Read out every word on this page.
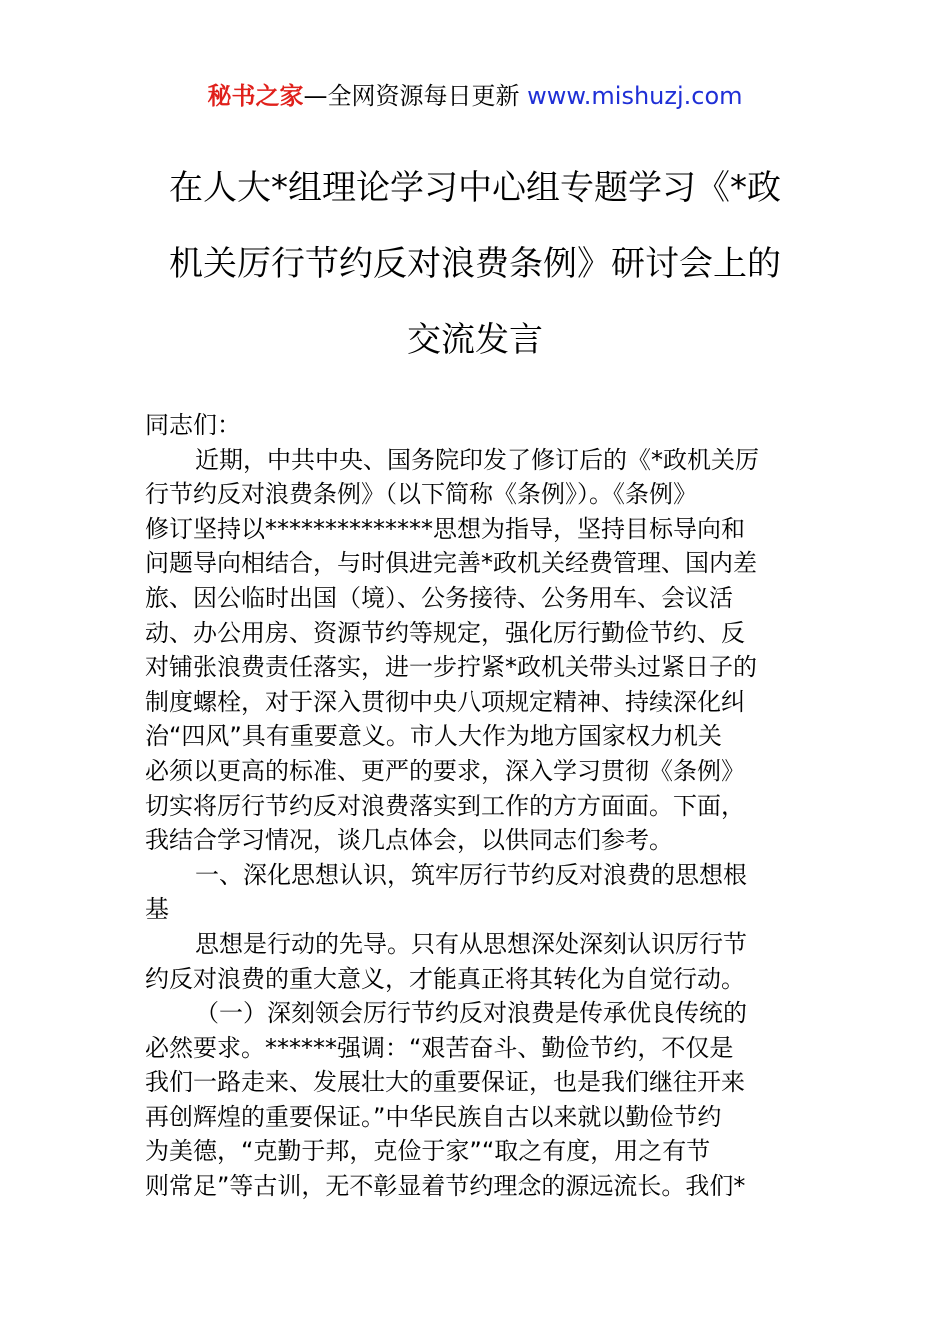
秘书之家—全网资源每日更新 www.mishuzj.com
在人大*组理论学习中心组专题学习《*政
机关厉行节约反对浪费条例》研讨会上的
交流发言
同志们：
近期，中共中央、国务院印发了修订后的《*政机关厉
行节约反对浪费条例》（以下简称《条例》）。《条例》
修订坚持以**************思想为指导，坚持目标导向和
问题导向相结合，与时俱进完善*政机关经费管理、国内差
旅、因公临时出国（境）、公务接待、公务用车、会议活
动、办公用房、资源节约等规定，强化厉行勤俭节约、反
对铺张浪费责任落实，进一步拧紧*政机关带头过紧日子的
制度螺栓，对于深入贯彻中央八项规定精神、持续深化纠
治“四风”具有重要意义。市人大作为地方国家权力机关
必须以更高的标准、更严的要求，深入学习贯彻《条例》
切实将厉行节约反对浪费落实到工作的方方面面。下面，
我结合学习情况，谈几点体会，以供同志们参考。
一、深化思想认识，筑牢厉行节约反对浪费的思想根
基
思想是行动的先导。只有从思想深处深刻认识厉行节
约反对浪费的重大意义，才能真正将其转化为自觉行动。
（一）深刻领会厉行节约反对浪费是传承优良传统的
必然要求。******强调：“艰苦奋斗、勤俭节约，不仅是
我们一路走来、发展壮大的重要保证，也是我们继往开来
再创辉煌的重要保证。”中华民族自古以来就以勤俭节约
为美德，“克勤于邦，克俭于家”“取之有度，用之有节
则常足”等古训，无不彰显着节约理念的源远流长。我们*
